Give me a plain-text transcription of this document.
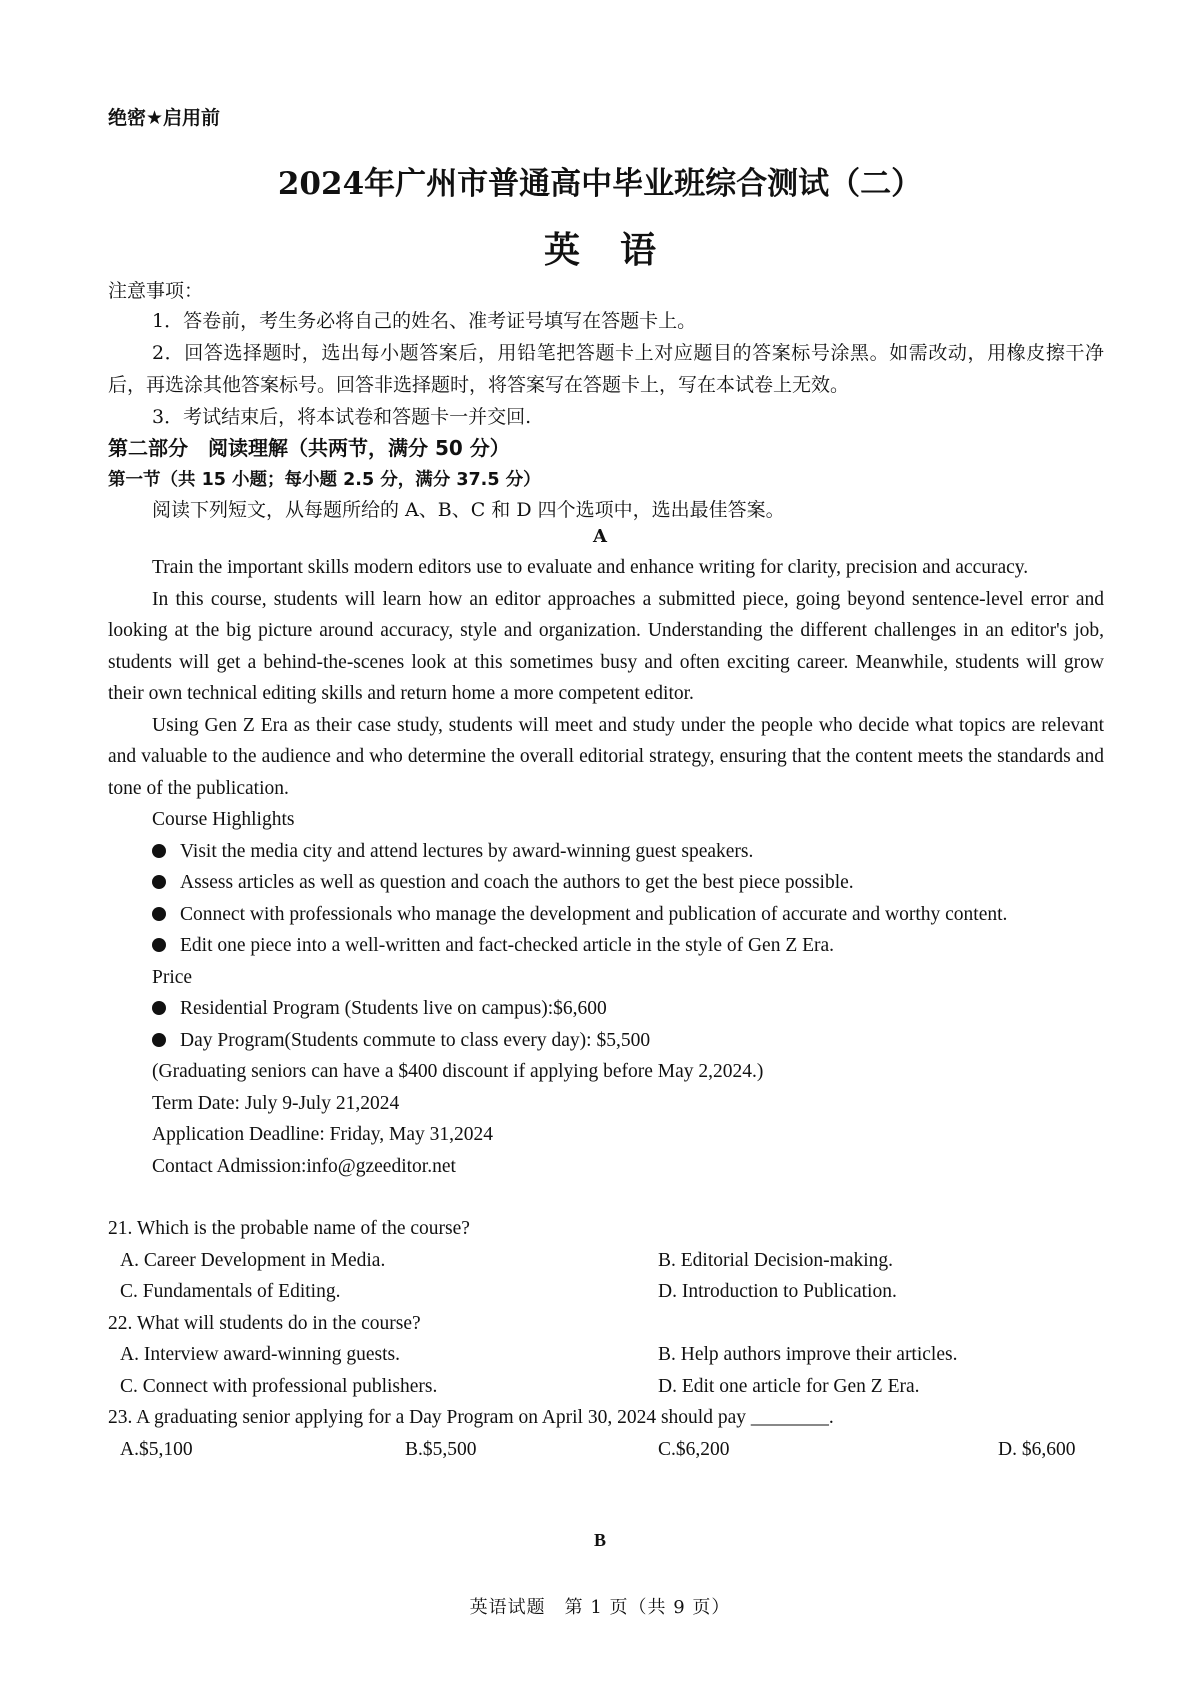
绝密★启用前
2024年广州市普通高中毕业班综合测试（二）
英语
注意事项：

1．答卷前，考生务必将自己的姓名、准考证号填写在答题卡上。

2．回答选择题时，选出每小题答案后，用铅笔把答题卡上对应题目的答案标号涂黑。如需改动，用橡皮擦干净后，再选涂其他答案标号。回答非选择题时，将答案写在答题卡上，写在本试卷上无效。

3．考试结束后，将本试卷和答题卡一并交回.

第二部分　阅读理解（共两节，满分 50 分）
第一节（共 15 小题；每小题 2.5 分，满分 37.5 分）
阅读下列短文，从每题所给的 A、B、C 和 D 四个选项中，选出最佳答案。
A

Train the important skills modern editors use to evaluate and enhance writing for clarity, precision and accuracy.

In this course, students will learn how an editor approaches a submitted piece, going beyond sentence-level error and looking at the big picture around accuracy, style and organization. Understanding the different challenges in an editor's job, students will get a behind-the-scenes look at this sometimes busy and often exciting career. Meanwhile, students will grow their own technical editing skills and return home a more competent editor.

Using Gen Z Era as their case study, students will meet and study under the people who decide what topics are relevant and valuable to the audience and who determine the overall editorial strategy, ensuring that the content meets the standards and tone of the publication.

Course Highlights
Visit the media city and attend lectures by award-winning guest speakers.
Assess articles as well as question and coach the authors to get the best piece possible.
Connect with professionals who manage the development and publication of accurate and worthy content.
Edit one piece into a well-written and fact-checked article in the style of Gen Z Era.
Price
Residential Program (Students live on campus):$6,600
Day Program(Students commute to class every day): $5,500
(Graduating seniors can have a $400 discount if applying before May 2,2024.)
Term Date: July 9-July 21,2024
Application Deadline: Friday, May 31,2024
Contact Admission:info@gzeeditor.net
21. Which is the probable name of the course?
A. Career Development in Media.	B. Editorial Decision-making.
C. Fundamentals of Editing.	D. Introduction to Publication.
22. What will students do in the course?
A. Interview award-winning guests.	B. Help authors improve their articles.
C. Connect with professional publishers.	D. Edit one article for Gen Z Era.
23. A graduating senior applying for a Day Program on April 30, 2024 should pay ________.
A.$5,100	B.$5,500	C.$6,200	D. $6,600
B
英语试题　第 1 页（共 9 页）
